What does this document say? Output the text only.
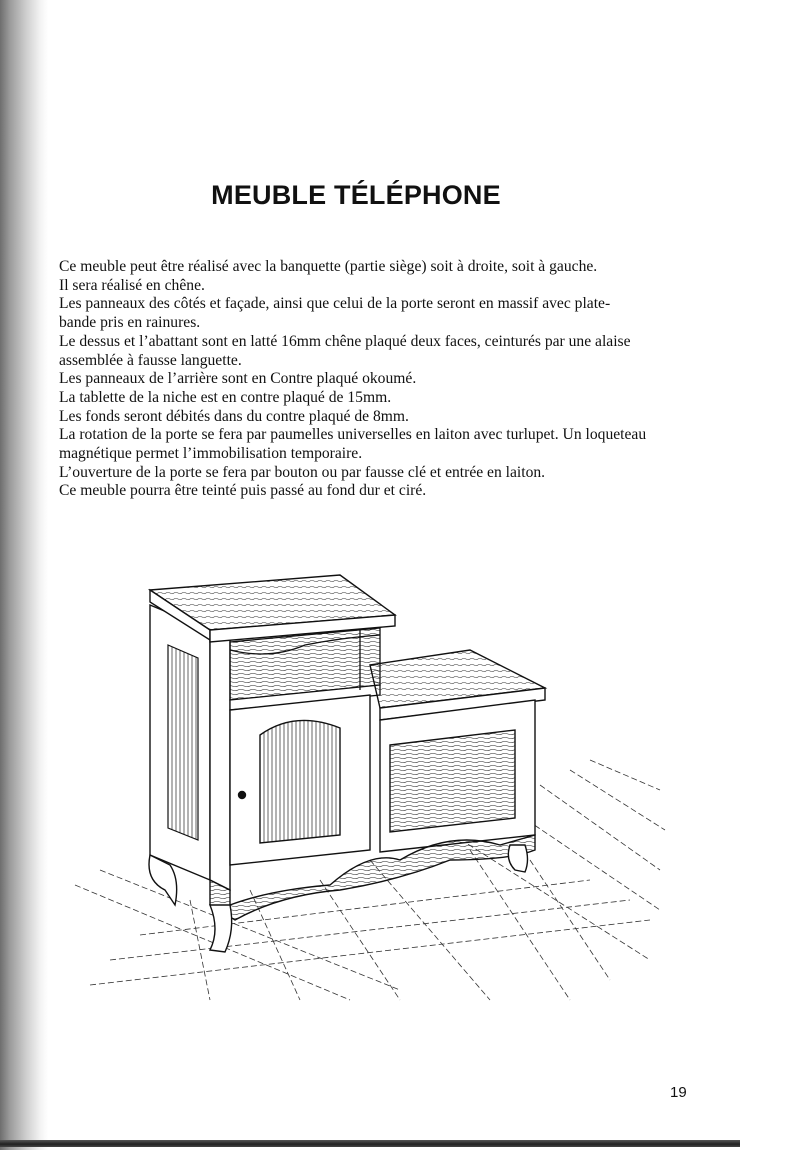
MEUBLE TÉLÉPHONE
Ce meuble peut être réalisé avec la banquette (partie siège) soit à droite, soit à gauche.
Il sera réalisé en chêne.
Les panneaux des côtés et façade, ainsi que celui de la porte seront en massif avec plate-
bande pris en rainures.
Le dessus et l’abattant sont en latté 16mm chêne plaqué deux faces, ceinturés par une alaise
assemblée à fausse languette.
Les panneaux de l’arrière sont en Contre plaqué okoumé.
La tablette de la niche est en contre plaqué de 15mm.
Les fonds seront débités dans du contre plaqué de 8mm.
La rotation de la porte se fera par paumelles universelles en laiton avec turlupet. Un loqueteau
magnétique permet l’immobilisation temporaire.
L’ouverture de la porte se fera par bouton ou par fausse clé et entrée en laiton.
Ce meuble pourra être teinté puis passé au fond dur et ciré.
19
